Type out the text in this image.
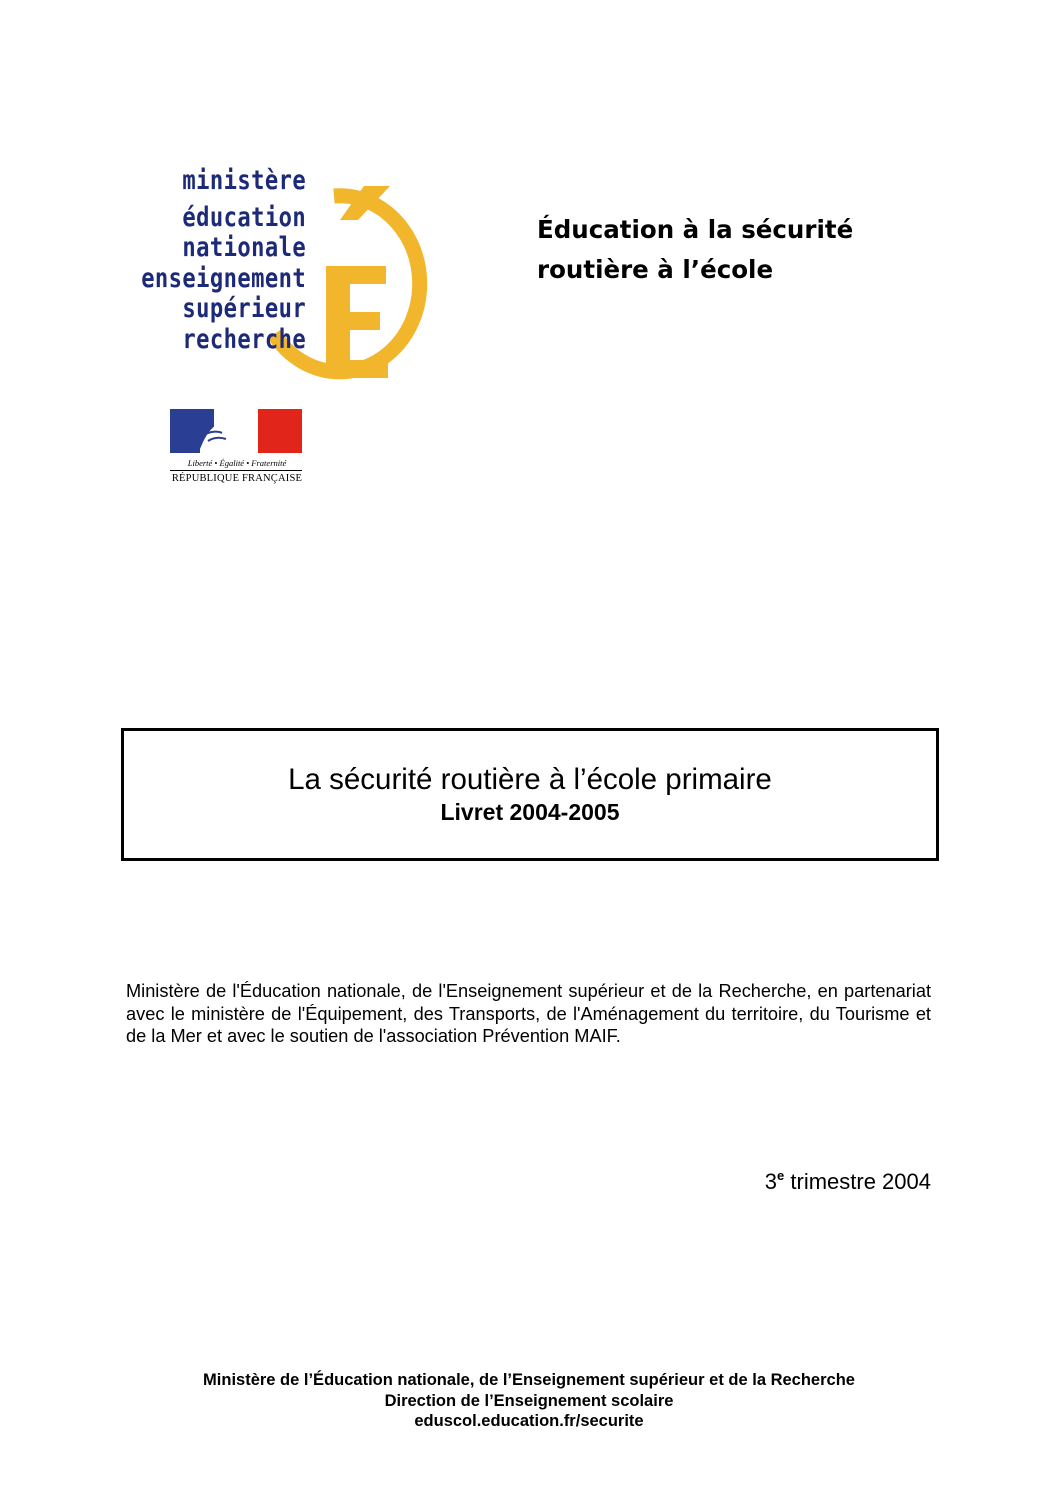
ministère
éducation
nationale
enseignement
supérieur
recherche
Liberté • Égalité • Fraternité
RÉPUBLIQUE FRANÇAISE
Éducation à la sécurité
routière à l’école
La sécurité routière à l’école primaire
Livret 2004-2005
Ministère de l'Éducation nationale, de l'Enseignement supérieur et de la Recherche, en partenariat avec le ministère de l'Équipement, des Transports, de l'Aménagement du territoire, du Tourisme et de la Mer et avec le soutien de l'association Prévention MAIF.
3e trimestre 2004
Ministère de l’Éducation nationale, de l’Enseignement supérieur et de la Recherche
Direction de l’Enseignement scolaire
eduscol.education.fr/securite
